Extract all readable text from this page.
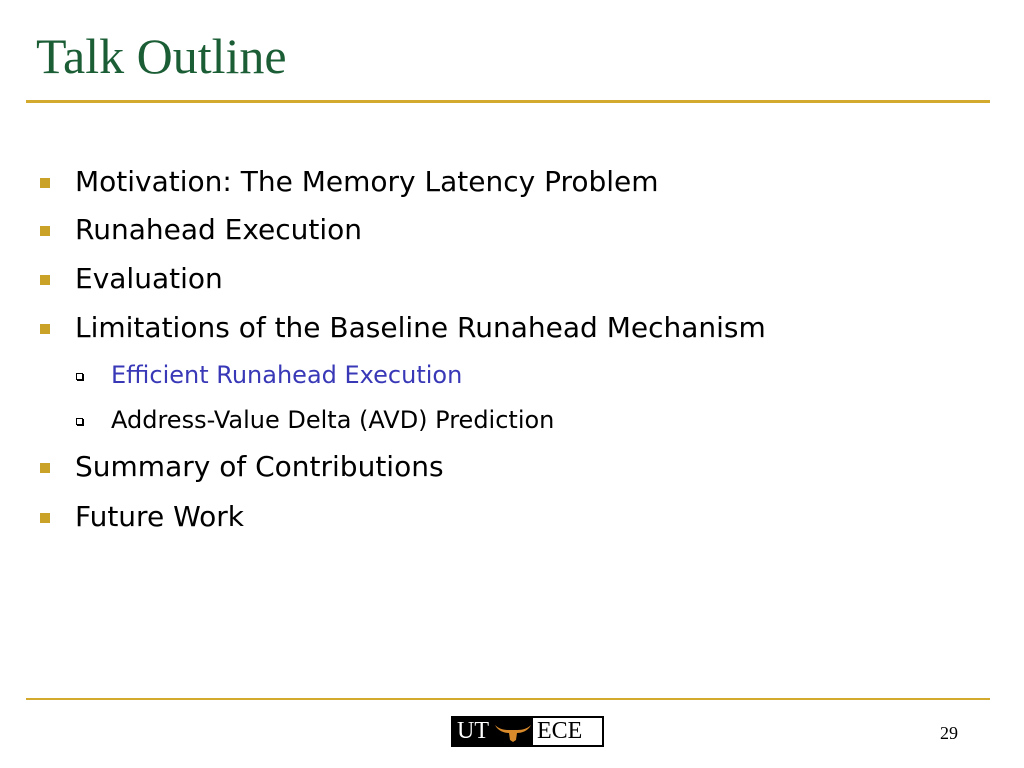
Talk Outline
Motivation: The Memory Latency Problem
Runahead Execution
Evaluation
Limitations of the Baseline Runahead Mechanism
Efficient Runahead Execution
Address-Value Delta (AVD) Prediction
Summary of Contributions
Future Work
UT ECE	29
